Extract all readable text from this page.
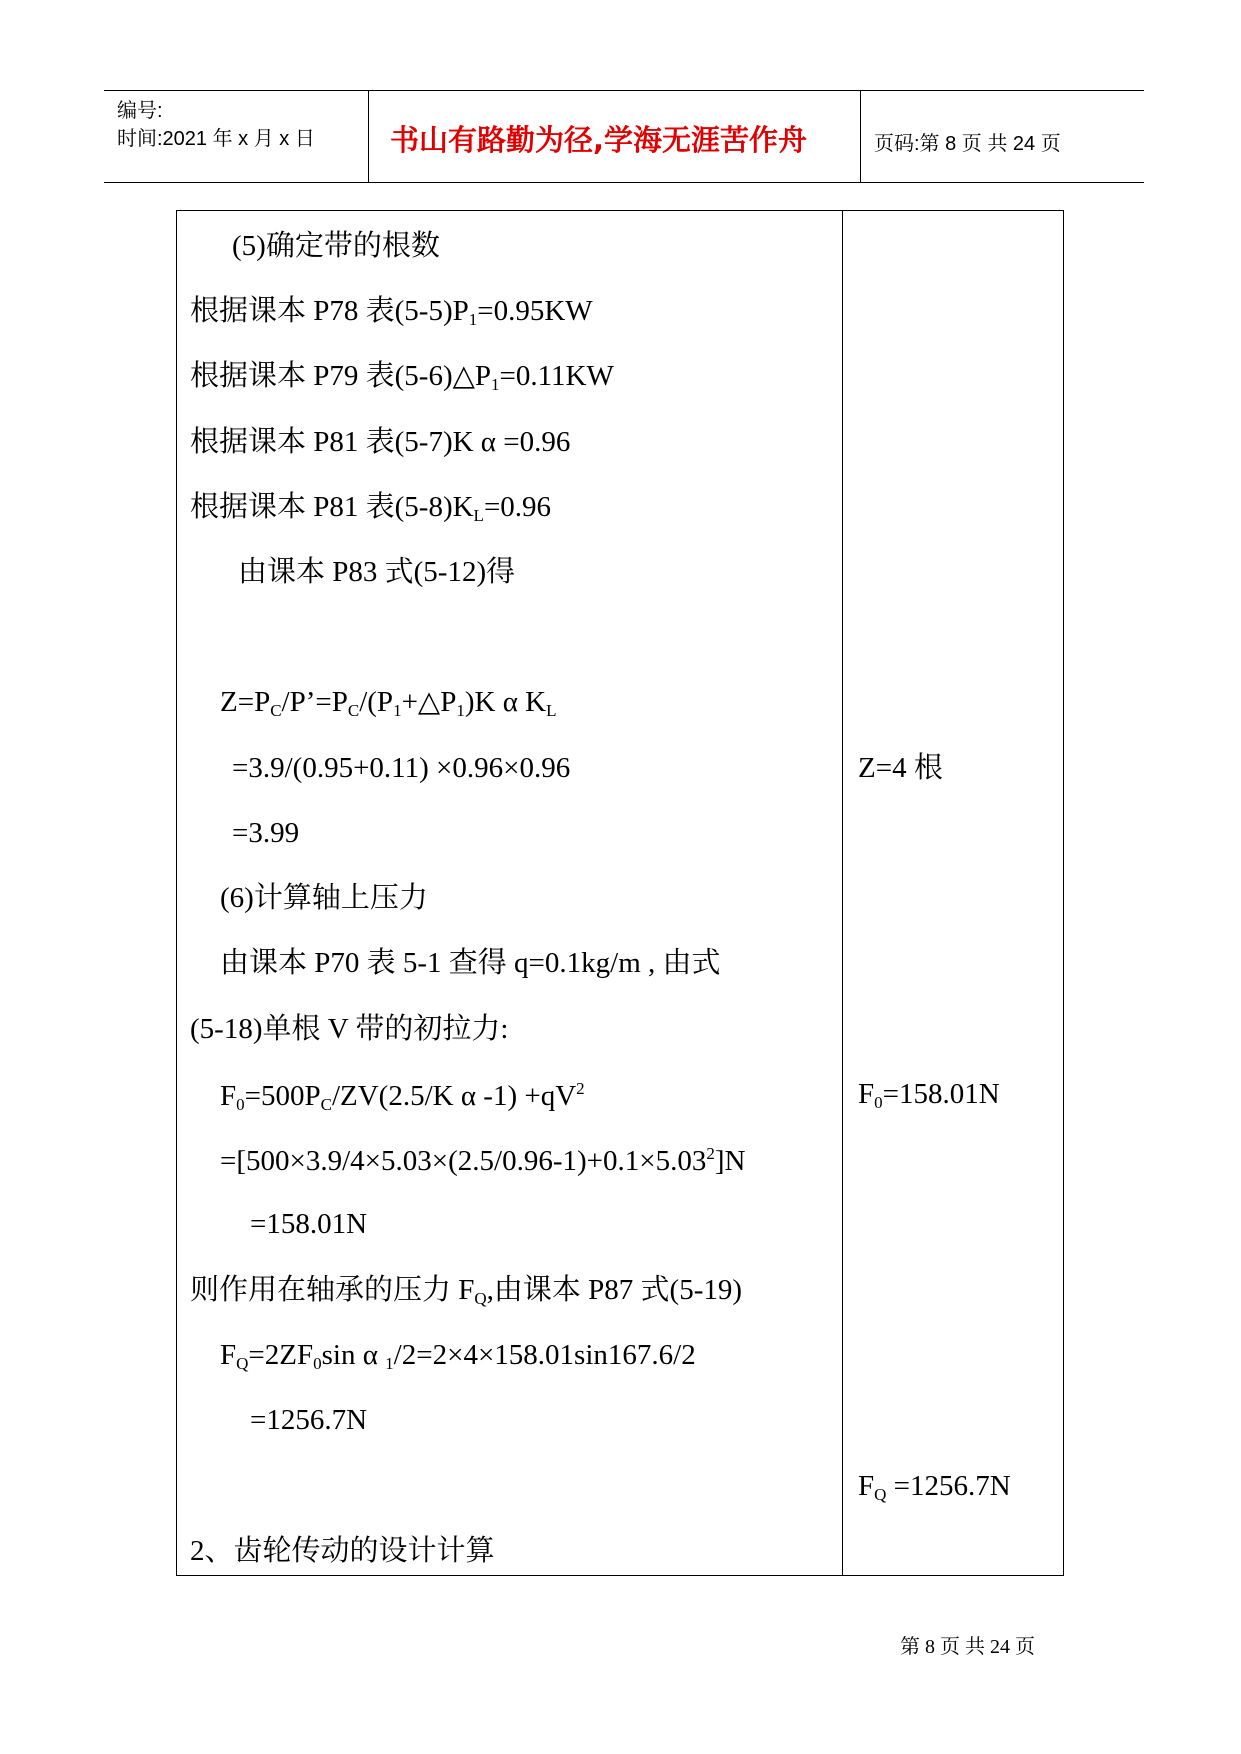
编号:
时间:2021 年 x 月 x 日	书山有路勤为径,学海无涯苦作舟	页码:第 8 页 共 24 页
(5)确定带的根数
根据课本 P78 表$(5-5)P_1=0.95KW$
根据课本 P79 表$(5-6)\triangle P_1=0.11KW$
根据课本 P81 表(5-7)K α =0.96
根据课本 P81 表$(5-8)K_L=0.96$
由课本 P83 式(5-12)得
$Z=P_C/P’=P_C/(P_1+\triangle P_1)K$ α $K_L$
=3.9/(0.95+0.11) ×0.96×0.96
=3.99
(6)计算轴上压力
由课本 P70 表 5-1 查得 q=0.1kg/m , 由式
(5-18)单根 V 带的初拉力:
$F_0=500P_C/ZV(2.5/K$ α $-1) +qV^2$
$=[500\times 3.9/4\times 5.03\times(2.5/0.96-1)+0.1\times 5.03^2]N$
=158.01N
则作用在轴承的压力 $F_Q$,由课本 P87 式(5-19)
$F_Q=2ZF_0\sin$ α $_1$/2=2×4×158.01sin167.6/2
=1256.7N
2、齿轮传动的设计计算
Z=4 根
$F_0=158.01N$
$F_Q =1256.7N$
第 8 页 共 24 页
